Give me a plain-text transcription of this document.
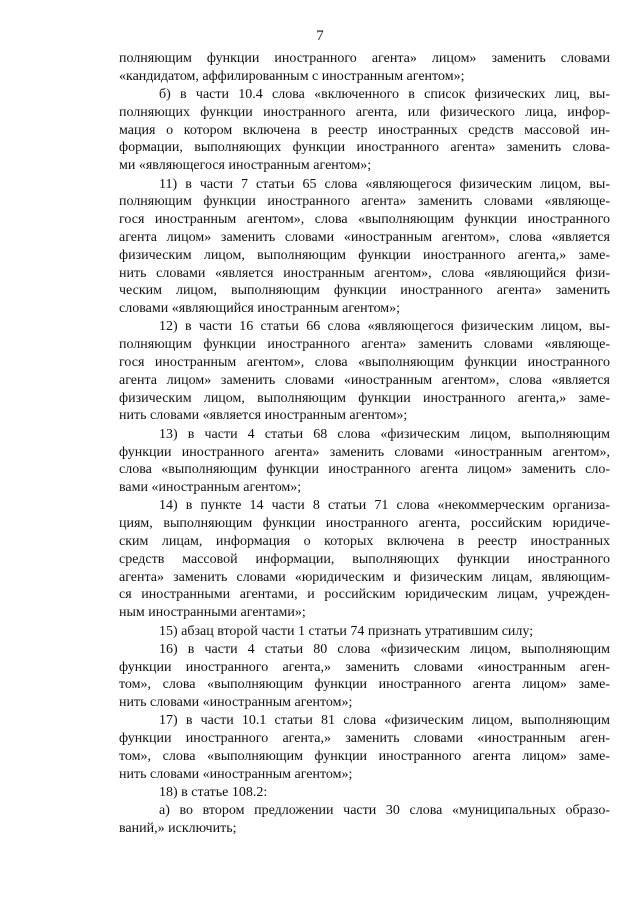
7
полняющим функции иностранного агента» лицом» заменить словами
«кандидатом, аффилированным с иностранным агентом»;
б) в части 10.4 слова «включенного в список физических лиц, вы-
полняющих функции иностранного агента, или физического лица, инфор-
мация о котором включена в реестр иностранных средств массовой ин-
формации, выполняющих функции иностранного агента» заменить слова-
ми «являющегося иностранным агентом»;
11) в части 7 статьи 65 слова «являющегося физическим лицом, вы-
полняющим функции иностранного агента» заменить словами «являюще-
гося иностранным агентом», слова «выполняющим функции иностранного
агента лицом» заменить словами «иностранным агентом», слова «является
физическим лицом, выполняющим функции иностранного агента,» заме-
нить словами «является иностранным агентом», слова «являющийся физи-
ческим лицом, выполняющим функции иностранного агента» заменить
словами «являющийся иностранным агентом»;
12) в части 16 статьи 66 слова «являющегося физическим лицом, вы-
полняющим функции иностранного агента» заменить словами «являюще-
гося иностранным агентом», слова «выполняющим функции иностранного
агента лицом» заменить словами «иностранным агентом», слова «является
физическим лицом, выполняющим функции иностранного агента,» заме-
нить словами «является иностранным агентом»;
13) в части 4 статьи 68 слова «физическим лицом, выполняющим
функции иностранного агента» заменить словами «иностранным агентом»,
слова «выполняющим функции иностранного агента лицом» заменить сло-
вами «иностранным агентом»;
14) в пункте 14 части 8 статьи 71 слова «некоммерческим организа-
циям, выполняющим функции иностранного агента, российским юридиче-
ским лицам, информация о которых включена в реестр иностранных
средств массовой информации, выполняющих функции иностранного
агента» заменить словами «юридическим и физическим лицам, являющим-
ся иностранными агентами, и российским юридическим лицам, учрежден-
ным иностранными агентами»;
15) абзац второй части 1 статьи 74 признать утратившим силу;
16) в части 4 статьи 80 слова «физическим лицом, выполняющим
функции иностранного агента,» заменить словами «иностранным аген-
том», слова «выполняющим функции иностранного агента лицом» заме-
нить словами «иностранным агентом»;
17) в части 10.1 статьи 81 слова «физическим лицом, выполняющим
функции иностранного агента,» заменить словами «иностранным аген-
том», слова «выполняющим функции иностранного агента лицом» заме-
нить словами «иностранным агентом»;
18) в статье 108.2:
а) во втором предложении части 30 слова «муниципальных образо-
ваний,» исключить;
